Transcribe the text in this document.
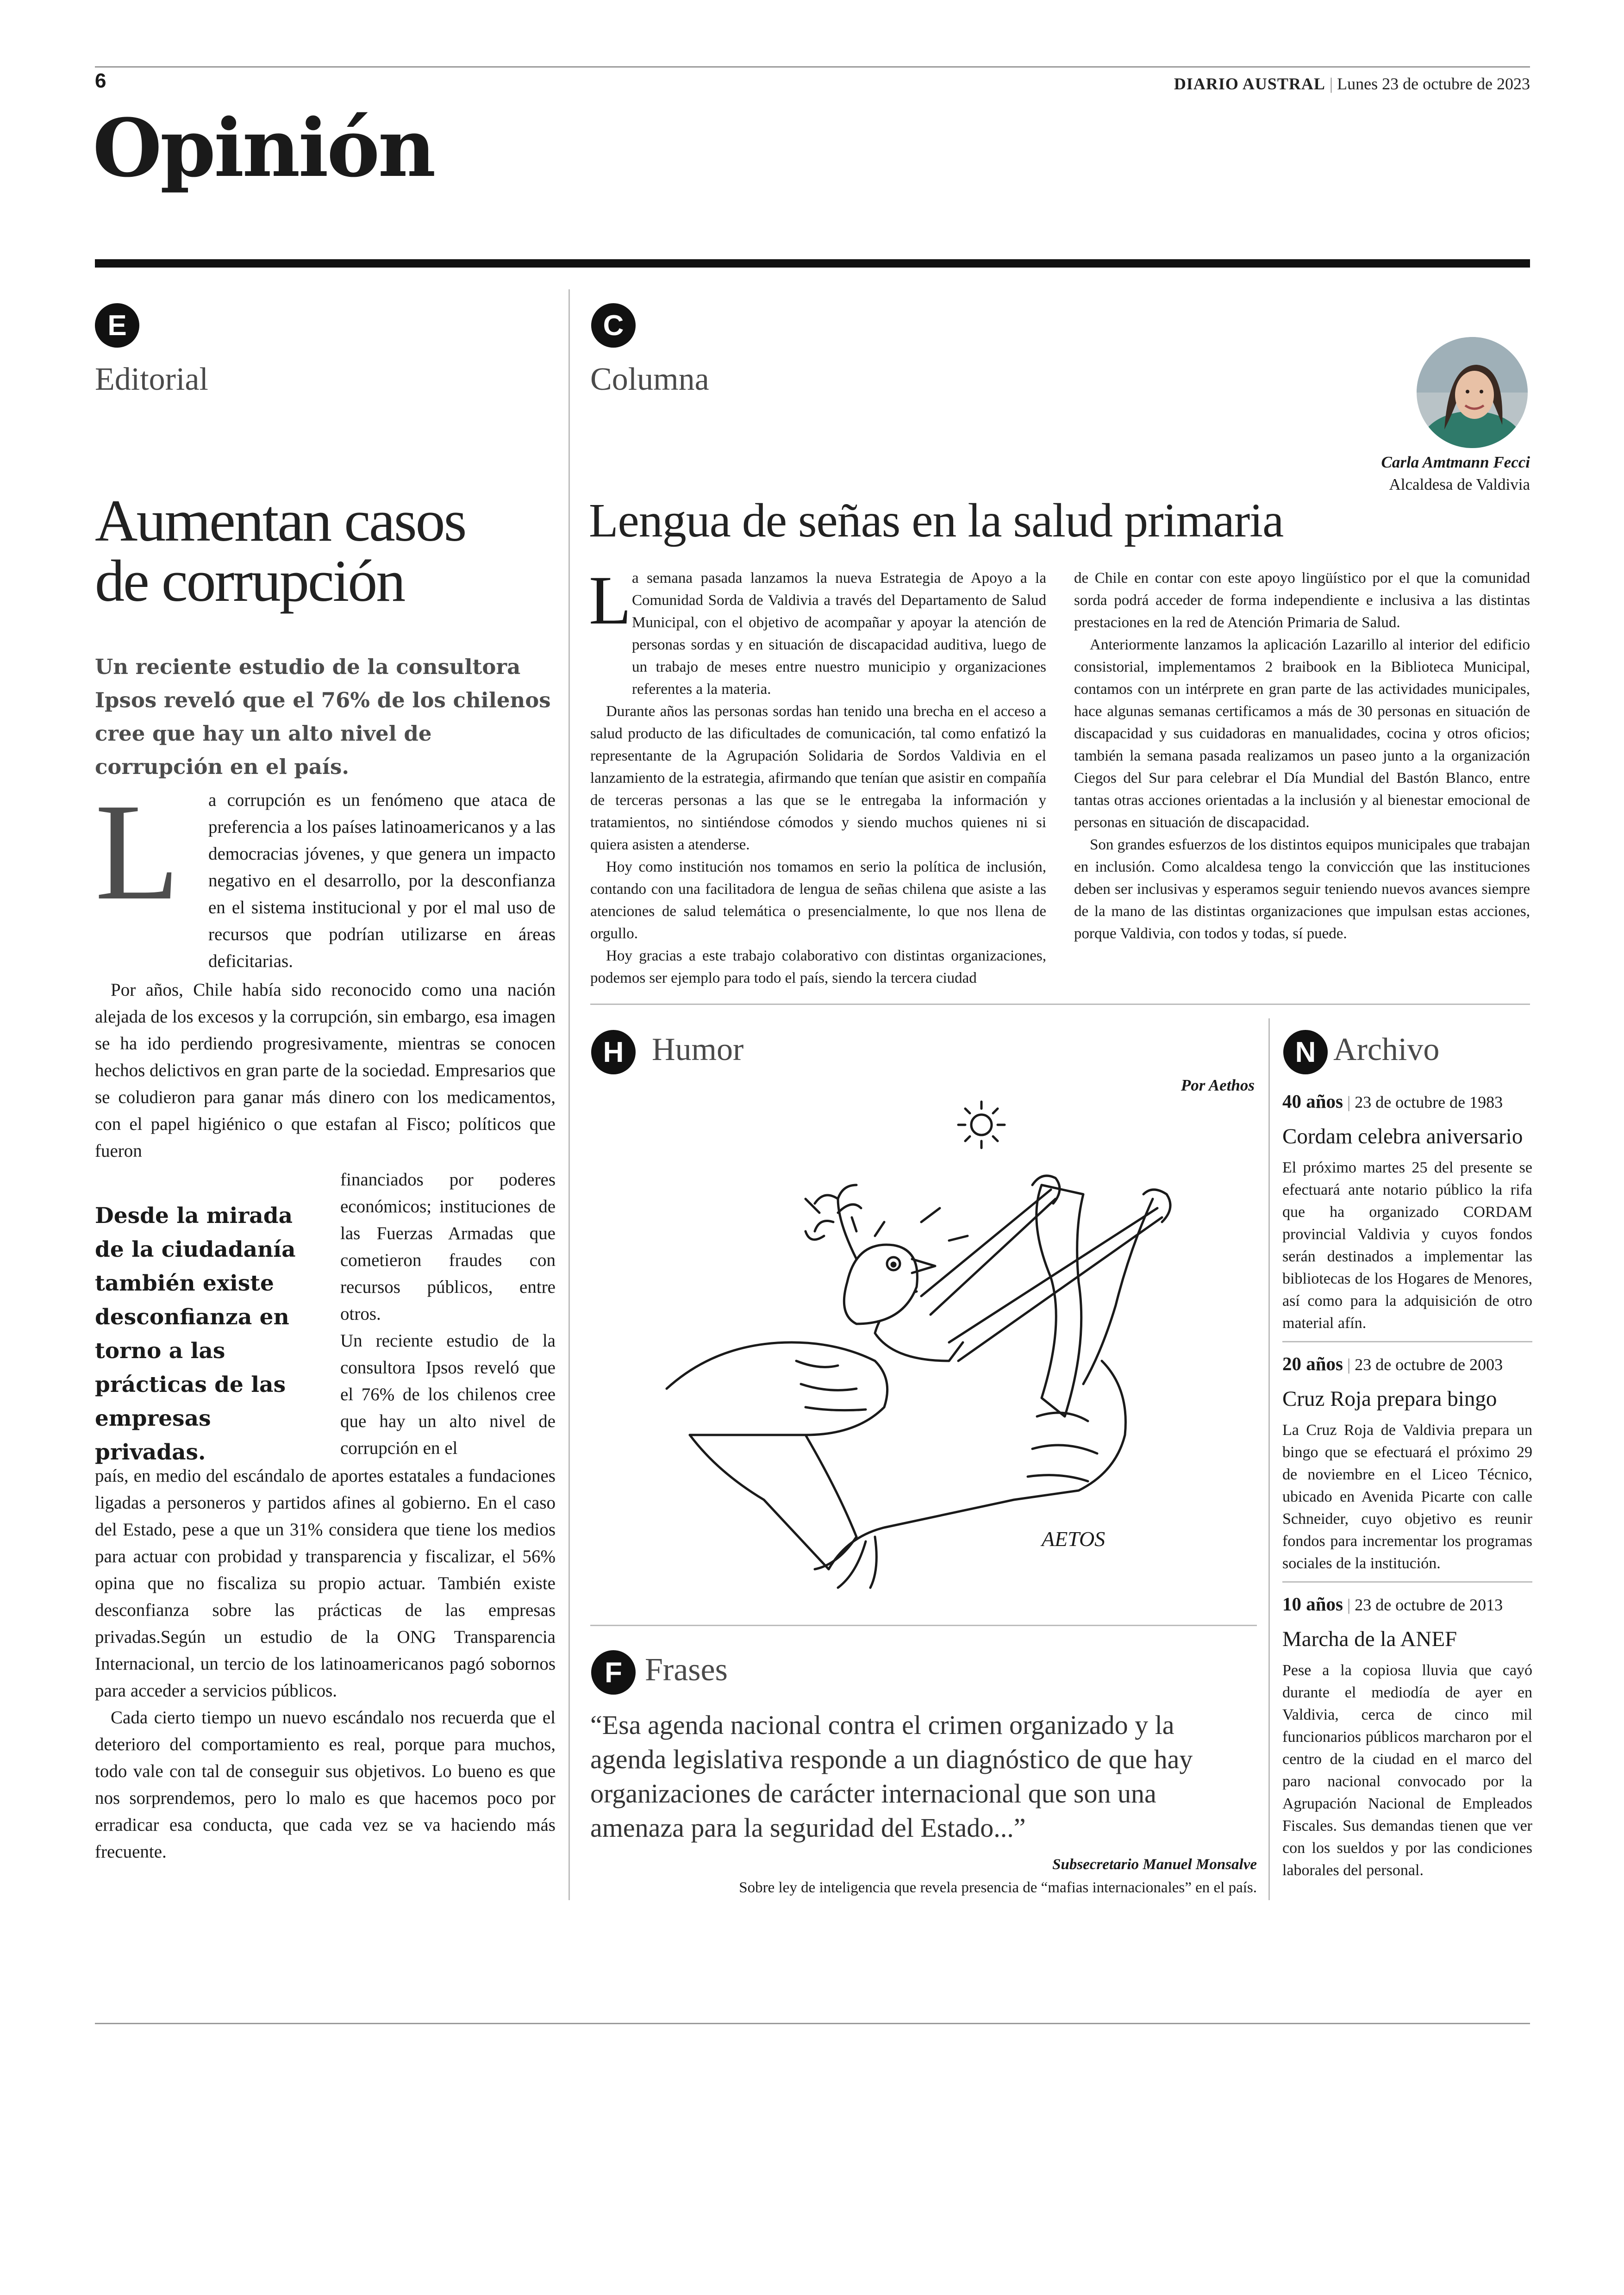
6	DIARIO AUSTRAL | Lunes 23 de octubre de 2023
Opinión
E
Editorial
Aumentan casos
de corrupción
Un reciente estudio de la consultora Ipsos reveló que el 76% de los chilenos cree que hay un alto nivel de corrupción en el país.
L a corrupción es un fenómeno que ataca de preferencia a los países latinoamericanos y a las democracias jóvenes, y que genera un impacto negativo en el desarrollo, por la desconfianza en el sistema institucional y por el mal uso de recursos que podrían utilizarse en áreas deficitarias.

Por años, Chile había sido reconocido como una nación alejada de los excesos y la corrupción, sin embargo, esa imagen se ha ido perdiendo progresivamente, mientras se conocen hechos delictivos en gran parte de la sociedad. Empresarios que se coludieron para ganar más dinero con los medicamentos, con el papel higiénico o que estafan al Fisco; políticos que fueron

Desde la mirada de la ciudadanía también existe desconfianza en torno a las prácticas de las empresas privadas.

financiados por poderes económicos; instituciones de las Fuerzas Armadas que cometieron fraudes con recursos públicos, entre otros.

Un reciente estudio de la consultora Ipsos reveló que el 76% de los chilenos cree que hay un alto nivel de corrupción en el

país, en medio del escándalo de aportes estatales a fundaciones ligadas a personeros y partidos afines al gobierno. En el caso del Estado, pese a que un 31% considera que tiene los medios para actuar con probidad y transparencia y fiscalizar, el 56% opina que no fiscaliza su propio actuar. También existe desconfianza sobre las prácticas de las empresas privadas.Según un estudio de la ONG Transparencia Internacional, un tercio de los latinoamericanos pagó sobornos para acceder a servicios públicos.

Cada cierto tiempo un nuevo escándalo nos recuerda que el deterioro del comportamiento es real, porque para muchos, todo vale con tal de conseguir sus objetivos. Lo bueno es que nos sorprendemos, pero lo malo es que hacemos poco por erradicar esa conducta, que cada vez se va haciendo más frecuente.

C
Columna
Carla Amtmann Fecci
Alcaldesa de Valdivia
Lengua de señas en la salud primaria
L a semana pasada lanzamos la nueva Estrategia de Apoyo a la Comunidad Sorda de Valdivia a través del Departamento de Salud Municipal, con el objetivo de acompañar y apoyar la atención de personas sordas y en situación de discapacidad auditiva, luego de un trabajo de meses entre nuestro municipio y organizaciones referentes a la materia.

Durante años las personas sordas han tenido una brecha en el acceso a salud producto de las dificultades de comunicación, tal como enfatizó la representante de la Agrupación Solidaria de Sordos Valdivia en el lanzamiento de la estrategia, afirmando que tenían que asistir en compañía de terceras personas a las que se le entregaba la información y tratamientos, no sintiéndose cómodos y siendo muchos quienes ni si quiera asisten a atenderse.

Hoy como institución nos tomamos en serio la política de inclusión, contando con una facilitadora de lengua de señas chilena que asiste a las atenciones de salud telemática o presencialmente, lo que nos llena de orgullo.

Hoy gracias a este trabajo colaborativo con distintas organizaciones, podemos ser ejemplo para todo el país, siendo la tercera ciudad

de Chile en contar con este apoyo lingüístico por el que la comunidad sorda podrá acceder de forma independiente e inclusiva a las distintas prestaciones en la red de Atención Primaria de Salud.

Anteriormente lanzamos la aplicación Lazarillo al interior del edificio consistorial, implementamos 2 braibook en la Biblioteca Municipal, contamos con un intérprete en gran parte de las actividades municipales, hace algunas semanas certificamos a más de 30 personas en situación de discapacidad y sus cuidadoras en manualidades, cocina y otros oficios; también la semana pasada realizamos un paseo junto a la organización Ciegos del Sur para celebrar el Día Mundial del Bastón Blanco, entre tantas otras acciones orientadas a la inclusión y al bienestar emocional de personas en situación de discapacidad.

Son grandes esfuerzos de los distintos equipos municipales que trabajan en inclusión. Como alcaldesa tengo la convicción que las instituciones deben ser inclusivas y esperamos seguir teniendo nuevos avances siempre de la mano de las distintas organizaciones que impulsan estas acciones, porque Valdivia, con todos y todas, sí puede.

H Humor
Por Aethos
AETOS
F Frases
“Esa agenda nacional contra el crimen organizado y la agenda legislativa responde a un diagnóstico de que hay organizaciones de carácter internacional que son una amenaza para la seguridad del Estado...”
Subsecretario Manuel Monsalve
Sobre ley de inteligencia que revela presencia de “mafias internacionales” en el país.
N Archivo
40 años | 23 de octubre de 1983
Cordam celebra aniversario
El próximo martes 25 del presente se efectuará ante notario público la rifa que ha organizado CORDAM provincial Valdivia y cuyos fondos serán destinados a implementar las bibliotecas de los Hogares de Menores, así como para la adquisición de otro material afín.
20 años | 23 de octubre de 2003
Cruz Roja prepara bingo
La Cruz Roja de Valdivia prepara un bingo que se efectuará el próximo 29 de noviembre en el Liceo Técnico, ubicado en Avenida Picarte con calle Schneider, cuyo objetivo es reunir fondos para incrementar los programas sociales de la institución.
10 años | 23 de octubre de 2013
Marcha de la ANEF
Pese a la copiosa lluvia que cayó durante el mediodía de ayer en Valdivia, cerca de cinco mil funcionarios públicos marcharon por el centro de la ciudad en el marco del paro nacional convocado por la Agrupación Nacional de Empleados Fiscales. Sus demandas tienen que ver con los sueldos y por las condiciones laborales del personal.
